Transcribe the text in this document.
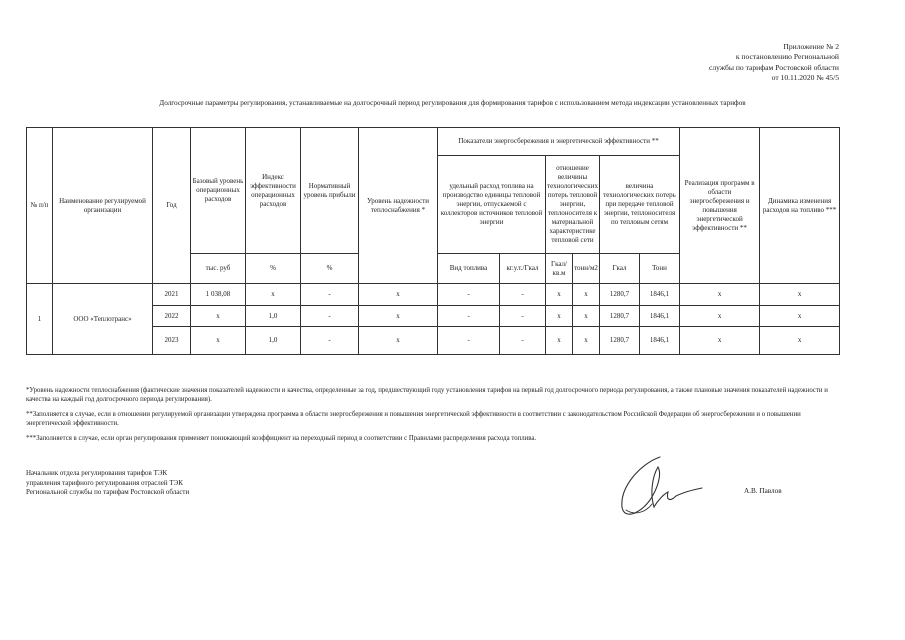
Приложение № 2
к постановлению Региональной
службы по тарифам Ростовской области
от 10.11.2020 № 45/5
Долгосрочные параметры регулирования, устанавливаемые на долгосрочный период регулирования для формирования тарифов с использованием метода индексации установленных тарифов
№ п/п	Наименование регулируемой организации	Год	Базовый уровень операционных расходов	Индекс эффективности операционных расходов	Нормативный уровень прибыли	Уровень надежности теплоснабжения *	Показатели энергосбережения и энергетической эффективности **						Реализация программ в области энергосбережения и повышения энергетической эффективности **	Динамика изменения расходов на топливо ***
							удельный расход топлива на производство единицы тепловой энергии, отпускаемой с коллекторов источников тепловой энергии		отношение величины технологических потерь тепловой энергии, теплоносителя к материальной характеристике тепловой сети		величина технологических потерь при передаче тепловой энергии, теплоносителя по тепловым сетям			
			тыс. руб	%	%		Вид топлива	кг.у.т./Гкал	Гкал/ кв.м	тонн/м2	Гкал	Тонн		
1	ООО «Теплотранс»	2021	1 038,08	х	-	х	-	-	х	х	1280,7	1846,1	х	х
		2022	х	1,0	-	х	-	-	х	х	1280,7	1846,1	х	х
		2023	х	1,0	-	х	-	-	х	х	1280,7	1846,1	х	х

*Уровень надежности теплоснабжения (фактические значения показателей надежности и качества, определенные за год, предшествующий году установления тарифов на первый год долгосрочного периода регулирования, а также плановые значения показателей надежности и качества на каждый год долгосрочного периода регулирования).

**Заполняется в случае, если в отношении регулируемой организации утверждена программа в области энергосбережения и повышения энергетической эффективности в соответствии с законодательством Российской Федерации об энергосбережении и о повышении энергетической эффективности.

***Заполняется в случае, если орган регулирования применяет понижающий коэффициент на переходный период в соответствии с Правилами распределения расхода топлива.

Начальник отдела регулирования тарифов ТЭК
управления тарифного регулирования отраслей ТЭК
Региональной службы по тарифам Ростовской области	А.В. Павлов
